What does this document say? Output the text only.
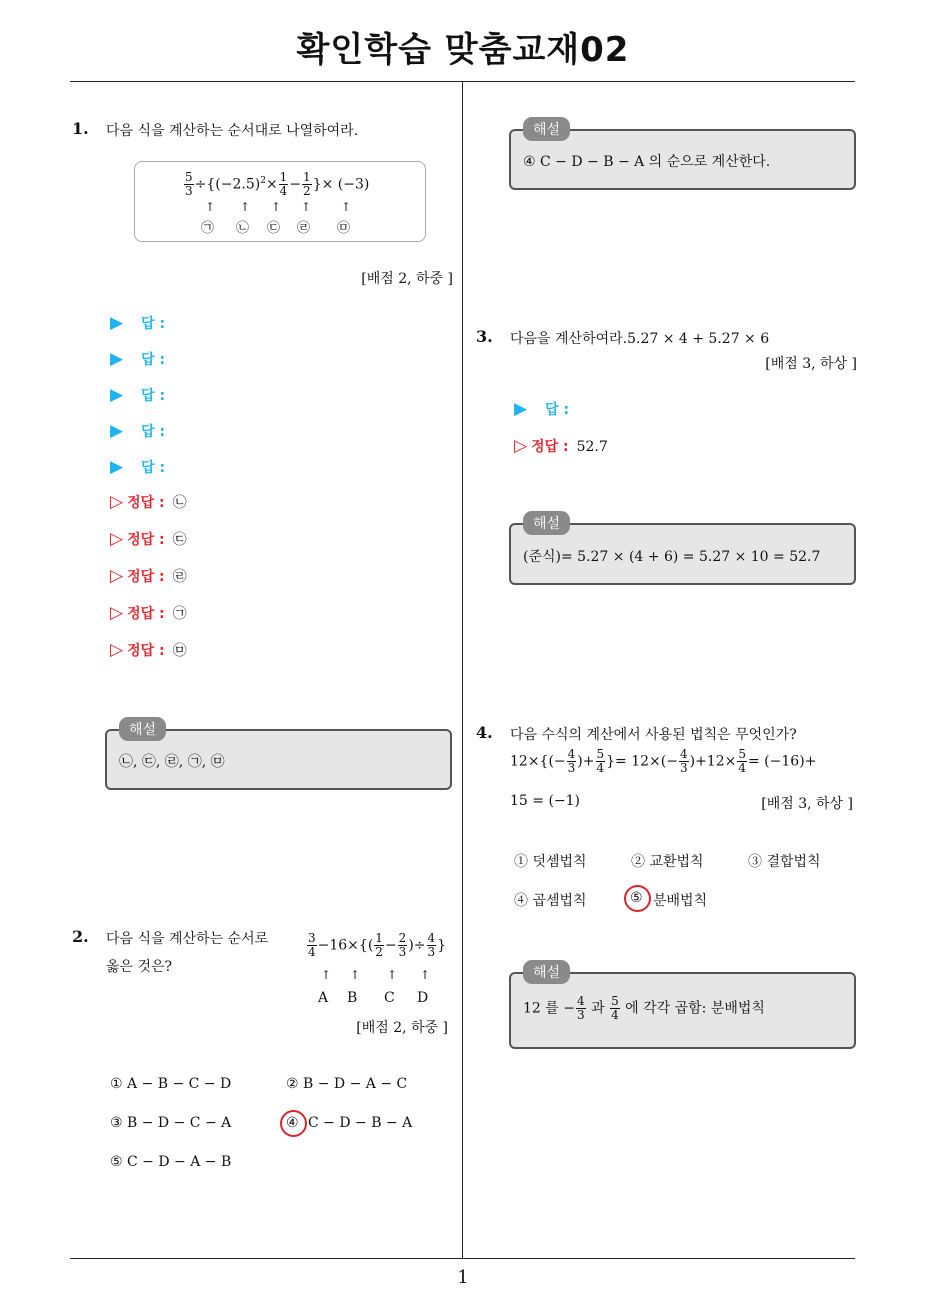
확인학습 맞춤교재02
1. 다음 식을 계산하는 순서대로 나열하여라.
$\frac{5}{3} \div\{(-2.5)^2\times \frac{1}{4} - \frac{1}{2}$ }× (−3)
↑ ↑ ↑ ↑ ↑
㉠ ㉡ ㉢ ㉣ ㉤
[배점 2, 하중 ]
▶ 답 :
▶ 답 :
▶ 답 :
▶ 답 :
▶ 답 :
▷ 정답 : ㉡
▷ 정답 : ㉢
▷ 정답 : ㉣
▷ 정답 : ㉠
▷ 정답 : ㉤
㉡, ㉢, ㉣, ㉠, ㉤
해설
2. 다음 식을 계산하는 순서로
옳은 것은?
$\frac{3}{4} -16\times\{( \frac{1}{2} - \frac{2}{3}$ )÷ $\frac{4}{3}$ }
↑ ↑ ↑ ↑
A B C D
[배점 2, 하중 ]
① A − B − C − D	② B − D − A − C
③ B − D − C − A	④ C − D − B − A
⑤ C − D − A − B
④ C − D − B − A 의 순으로 계산한다.
해설
3. 다음을 계산하여라.5.27 × 4 + 5.27 × 6
[배점 3, 하상 ]
▶ 답 :
▷ 정답 : 52.7
(준식)= 5.27 × (4 + 6) = 5.27 × 10 = 52.7
해설
4. 다음 수식의 계산에서 사용된 법칙은 무엇인가?
$12\times\{(- \frac{4}{3}$ )+ $\frac{5}{4}$ }= $12\times(- \frac{4}{3} )+12\times \frac{5}{4} = (-16)+$
15 = (−1)	[배점 3, 하상 ]
① 덧셈법칙	② 교환법칙	③ 결합법칙
④ 곱셈법칙	⑤ 분배법칙
12 를 − $\frac{4}{3}$ 과 $\frac{5}{4}$ 에 각각 곱함: 분배법칙
해설
1
